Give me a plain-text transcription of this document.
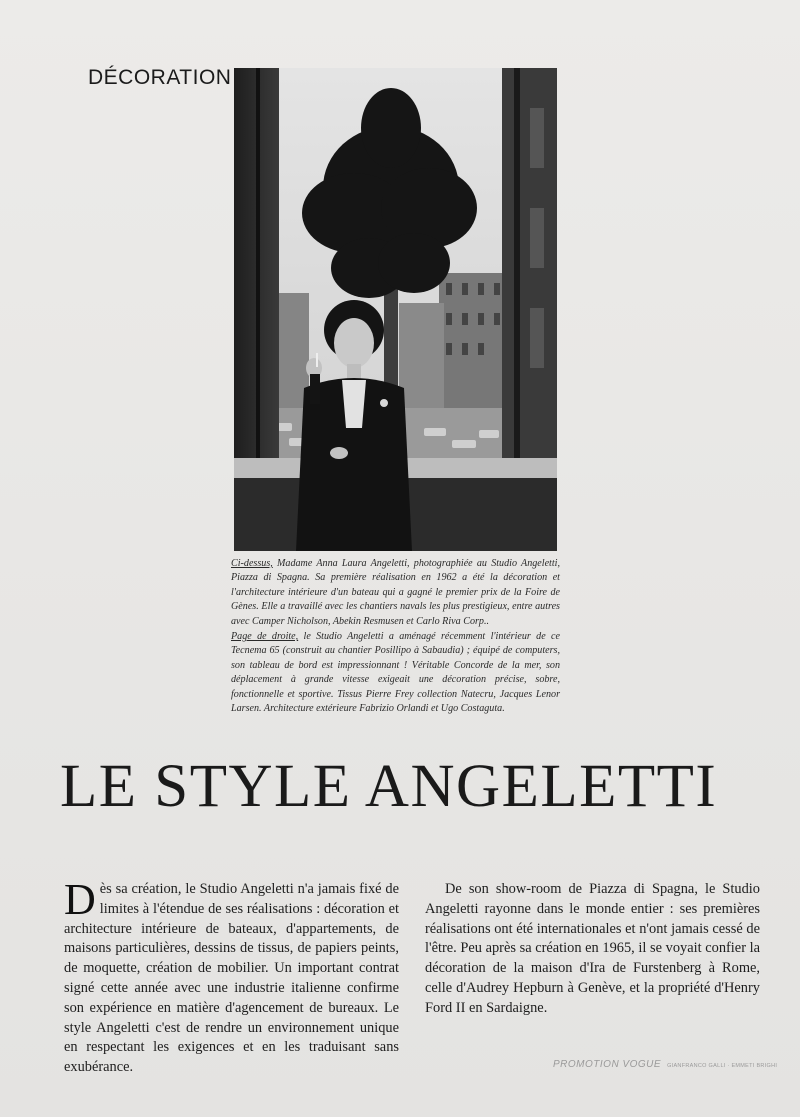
DÉCORATION

Ci-dessus, Madame Anna Laura Angeletti, photographiée au Studio Angeletti, Piazza di Spagna. Sa première réalisation en 1962 a été la décoration et l'architecture intérieure d'un bateau qui a gagné le premier prix de la Foire de Gènes. Elle a travaillé avec les chantiers navals les plus prestigieux, entre autres avec Camper Nicholson, Abekin Resmusen et Carlo Riva Corp..

Page de droite, le Studio Angeletti a aménagé récemment l'intérieur de ce Tecnema 65 (construit au chantier Posillipo à Sabaudia) ; équipé de computers, son tableau de bord est impressionnant ! Véritable Concorde de la mer, son déplacement à grande vitesse exigeait une décoration précise, sobre, fonctionnelle et sportive. Tissus Pierre Frey collection Natecru, Jacques Lenor Larsen. Architecture extérieure Fabrizio Orlandi et Ugo Costaguta.

LE STYLE ANGELETTI

Dès sa création, le Studio Angeletti n'a jamais fixé de limites à l'étendue de ses réalisations : décoration et architecture intérieure de bateaux, d'appartements, de maisons particulières, dessins de tissus, de papiers peints, de moquette, création de mobilier. Un important contrat signé cette année avec une industrie italienne confirme son expérience en matière d'agencement de bureaux. Le style Angeletti c'est de rendre un environnement unique en respectant les exigences et en les traduisant sans exubérance.

De son show-room de Piazza di Spagna, le Studio Angeletti rayonne dans le monde entier : ses premières réalisations ont été internationales et n'ont jamais cessé de l'être. Peu après sa création en 1965, il se voyait confier la décoration de la maison d'Ira de Furstenberg à Rome, celle d'Audrey Hepburn à Genève, et la propriété d'Henry Ford II en Sardaigne.

PROMOTION VOGUE GIANFRANCO GALLI · EMMETI BRIGHI
